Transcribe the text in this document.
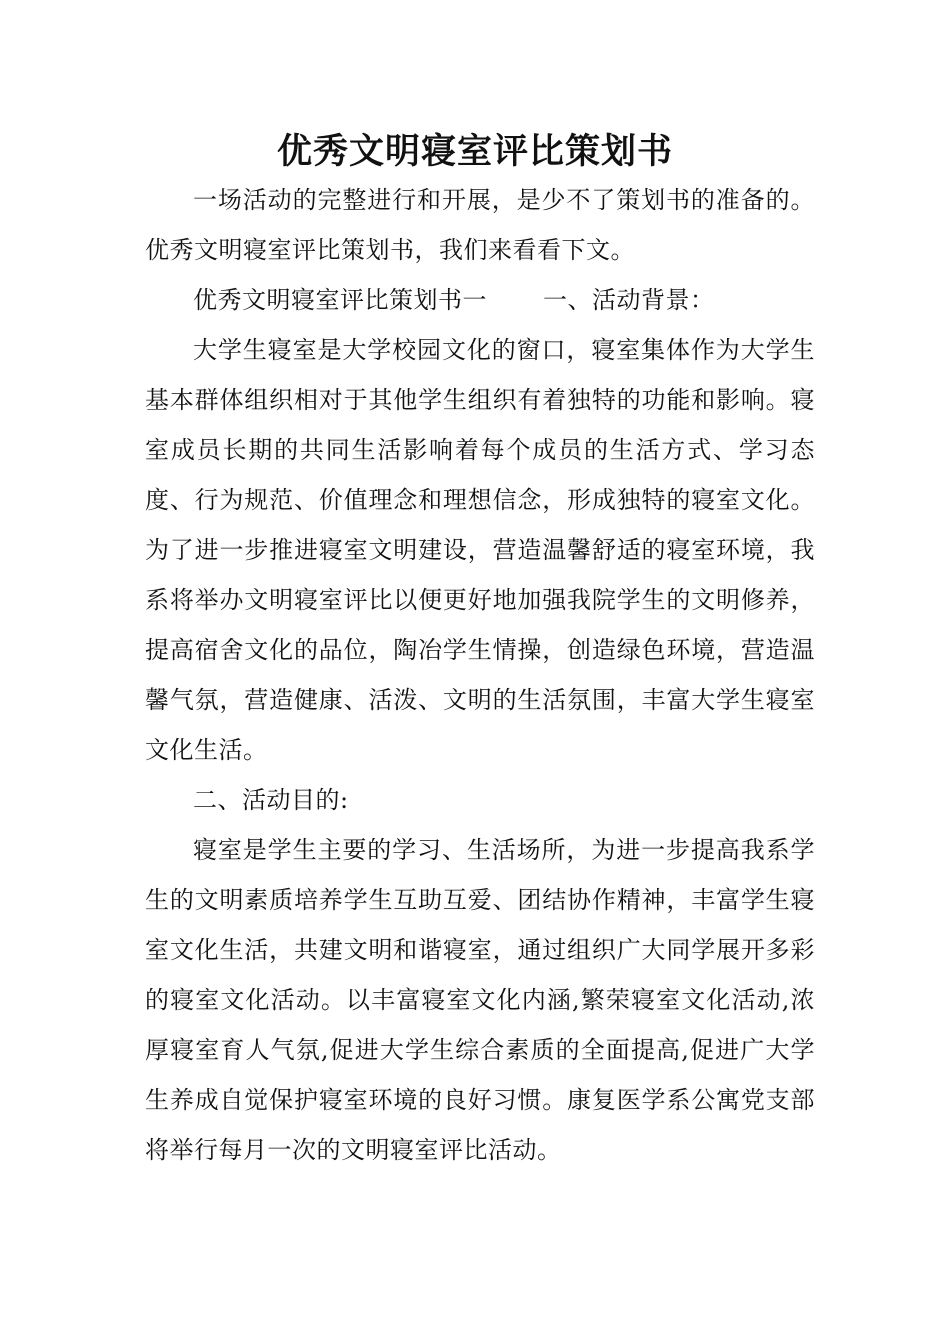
优秀文明寝室评比策划书

一场活动的完整进行和开展，是少不了策划书的准备的。优秀文明寝室评比策划书，我们来看看下文。

优秀文明寝室评比策划书一 一、活动背景：

大学生寝室是大学校园文化的窗口，寝室集体作为大学生基本群体组织相对于其他学生组织有着独特的功能和影响。寝室成员长期的共同生活影响着每个成员的生活方式、学习态度、行为规范、价值理念和理想信念，形成独特的寝室文化。为了进一步推进寝室文明建设，营造温馨舒适的寝室环境，我系将举办文明寝室评比以便更好地加强我院学生的文明修养，提高宿舍文化的品位，陶冶学生情操，创造绿色环境，营造温馨气氛，营造健康、活泼、文明的生活氛围，丰富大学生寝室文化生活。

二、活动目的:

寝室是学生主要的学习、生活场所，为进一步提高我系学生的文明素质培养学生互助互爱、团结协作精神，丰富学生寝室文化生活，共建文明和谐寝室，通过组织广大同学展开多彩的寝室文化活动。以丰富寝室文化内涵,繁荣寝室文化活动,浓厚寝室育人气氛,促进大学生综合素质的全面提高,促进广大学生养成自觉保护寝室环境的良好习惯。康复医学系公寓党支部将举行每月一次的文明寝室评比活动。
